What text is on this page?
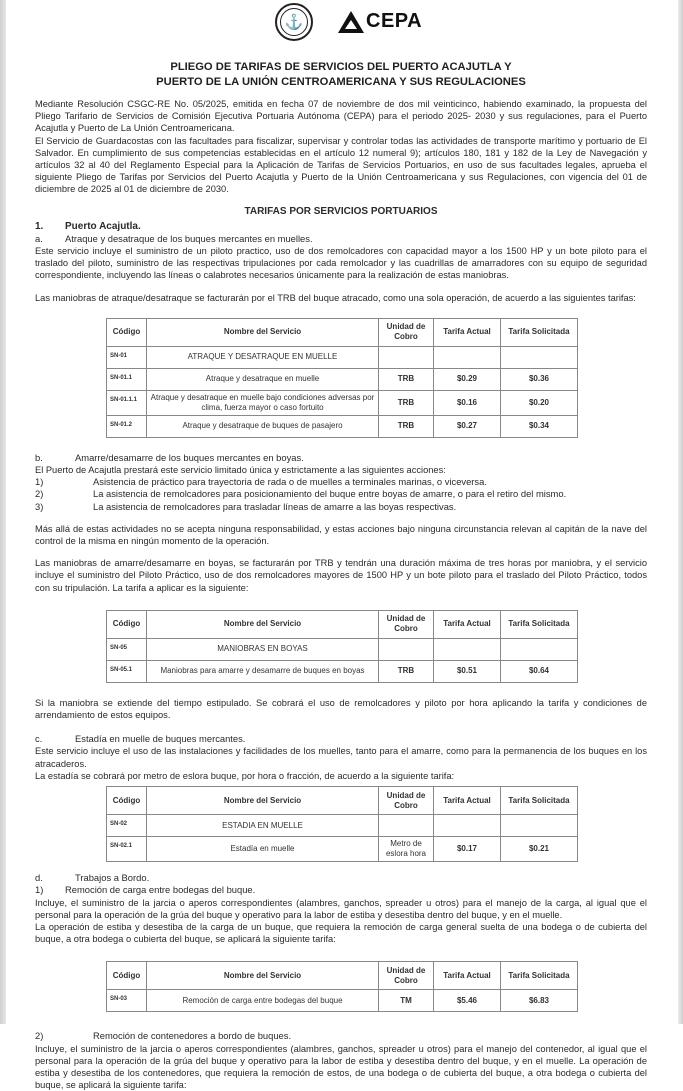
⚓	CEPA
PLIEGO DE TARIFAS DE SERVICIOS DEL PUERTO ACAJUTLA Y
PUERTO DE LA UNIÓN CENTROAMERICANA Y SUS REGULACIONES

Mediante Resolución CSGC-RE No. 05/2025, emitida en fecha 07 de noviembre de dos mil veinticinco, habiendo examinado, la propuesta del Pliego Tarifario de Servicios de Comisión Ejecutiva Portuaria Autónoma (CEPA) para el periodo 2025- 2030 y sus regulaciones, para el Puerto Acajutla y Puerto de La Unión Centroamericana.

El Servicio de Guardacostas con las facultades para fiscalizar, supervisar y controlar todas las actividades de transporte marítimo y portuario de El Salvador. En cumplimiento de sus competencias establecidas en el artículo 12 numeral 9); artículos 180, 181 y 182 de la Ley de Navegación y artículos 32 al 40 del Reglamento Especial para la Aplicación de Tarifas de Servicios Portuarios, en uso de sus facultades legales, aprueba el siguiente Pliego de Tarifas por Servicios del Puerto Acajutla y Puerto de la Unión Centroamericana y sus Regulaciones, con vigencia del 01 de diciembre de 2025 al 01 de diciembre de 2030.

TARIFAS POR SERVICIOS PORTUARIOS
1.	Puerto Acajutla.
a.	Atraque y desatraque de los buques mercantes en muelles.

Este servicio incluye el suministro de un piloto practico, uso de dos remolcadores con capacidad mayor a los 1500 HP y un bote piloto para el traslado del piloto, suministro de las respectivas tripulaciones por cada remolcador y las cuadrillas de amarradores con su equipo de seguridad correspondiente, incluyendo las líneas o calabrotes necesarios únicamente para la realización de estas maniobras.

Las maniobras de atraque/desatraque se facturarán por el TRB del buque atracado, como una sola operación, de acuerdo a las siguientes tarifas:

Código	Nombre del Servicio	Unidad de Cobro	Tarifa Actual	Tarifa Solicitada
SN-01	ATRAQUE Y DESATRAQUE EN MUELLE			
SN-01.1	Atraque y desatraque en muelle	TRB	$0.29	$0.36
SN-01.1.1	Atraque y desatraque en muelle bajo condiciones adversas por clima, fuerza mayor o caso fortuito	TRB	$0.16	$0.20
SN-01.2	Atraque y desatraque de buques de pasajero	TRB	$0.27	$0.34
b.	Amarre/desamarre de los buques mercantes en boyas.

El Puerto de Acajutla prestará este servicio limitado única y estrictamente a las siguientes acciones:

1)	Asistencia de práctico para trayectoria de rada o de muelles a terminales marinas, o viceversa.
2)	La asistencia de remolcadores para posicionamiento del buque entre boyas de amarre, o para el retiro del mismo.
3)	La asistencia de remolcadores para trasladar líneas de amarre a las boyas respectivas.

Más allá de estas actividades no se acepta ninguna responsabilidad, y estas acciones bajo ninguna circunstancia relevan al capitán de la nave del control de la misma en ningún momento de la operación.

Las maniobras de amarre/desamarre en boyas, se facturarán por TRB y tendrán una duración máxima de tres horas por maniobra, y el servicio incluye el suministro del Piloto Práctico, uso de dos remolcadores mayores de 1500 HP y un bote piloto para el traslado del Piloto Práctico, todos con su tripulación. La tarifa a aplicar es la siguiente:

Código	Nombre del Servicio	Unidad de Cobro	Tarifa Actual	Tarifa Solicitada
SN-05	MANIOBRAS EN BOYAS			
SN-05.1	Maniobras para amarre y desamarre de buques en boyas	TRB	$0.51	$0.64

Si la maniobra se extiende del tiempo estipulado. Se cobrará el uso de remolcadores y piloto por hora aplicando la tarifa y condiciones de arrendamiento de estos equipos.

c.	Estadía en muelle de buques mercantes.

Este servicio incluye el uso de las instalaciones y facilidades de los muelles, tanto para el amarre, como para la permanencia de los buques en los atracaderos.

La estadía se cobrará por metro de eslora buque, por hora o fracción, de acuerdo a la siguiente tarifa:

Código	Nombre del Servicio	Unidad de Cobro	Tarifa Actual	Tarifa Solicitada
SN-02	ESTADIA EN MUELLE			
SN-02.1	Estadía en muelle	Metro de eslora hora	$0.17	$0.21
d.	Trabajos a Bordo.
1)	Remoción de carga entre bodegas del buque.

Incluye, el suministro de la jarcia o aperos correspondientes (alambres, ganchos, spreader u otros) para el manejo de la carga, al igual que el personal para la operación de la grúa del buque y operativo para la labor de estiba y desestiba dentro del buque, y en el muelle.

La operación de estiba y desestiba de la carga de un buque, que requiera la remoción de carga general suelta de una bodega o de cubierta del buque, a otra bodega o cubierta del buque, se aplicará la siguiente tarifa:

Código	Nombre del Servicio	Unidad de Cobro	Tarifa Actual	Tarifa Solicitada
SN-03	Remoción de carga entre bodegas del buque	TM	$5.46	$6.83
2)	Remoción de contenedores a bordo de buques.

Incluye, el suministro de la jarcia o aperos correspondientes (alambres, ganchos, spreader u otros) para el manejo del contenedor, al igual que el personal para la operación de la grúa del buque y operativo para la labor de estiba y desestiba dentro del buque, y en el muelle. La operación de estiba y desestiba de los contenedores, que requiera la remoción de estos, de una bodega o de cubierta del buque, a otra bodega o cubierta del buque, se aplicará la siguiente tarifa:
